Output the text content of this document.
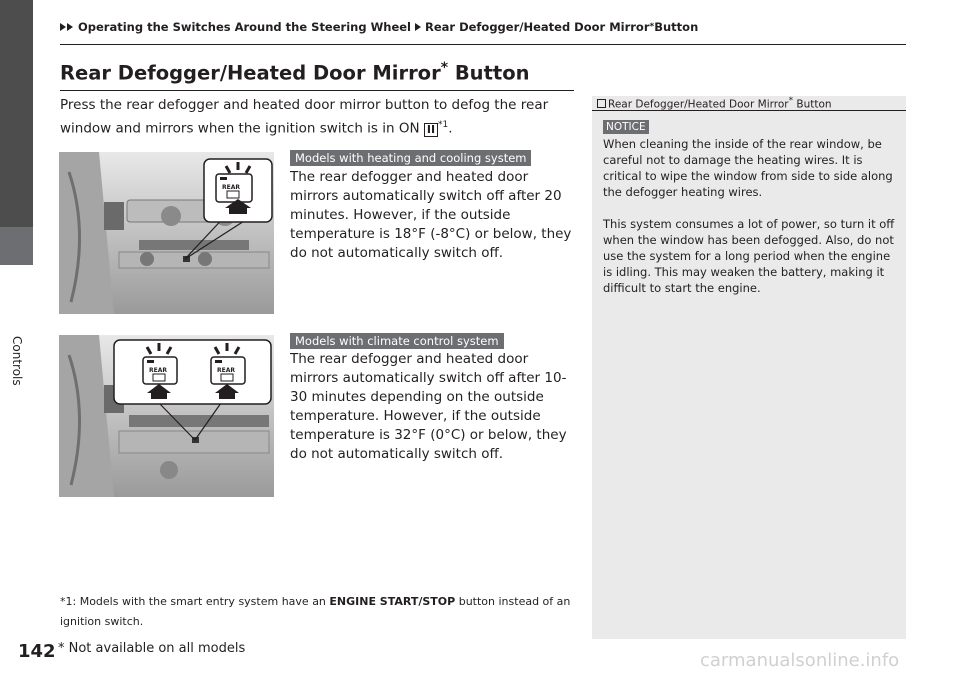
Controls
Operating the Switches Around the Steering Wheel Rear Defogger/Heated Door Mirror * Button
Rear Defogger/Heated Door Mirror* Button
Press the rear defogger and heated door mirror button to defog the rear window and mirrors when the ignition switch is in ON II $^{*1}$.
REAR
Models with heating and cooling system
The rear defogger and heated door mirrors automatically switch off after 20 minutes. However, if the outside temperature is 18°F (-8°C) or below, they do not automatically switch off.
REAR	REAR
Models with climate control system
The rear defogger and heated door mirrors automatically switch off after 10-30 minutes depending on the outside temperature. However, if the outside temperature is 32°F (0°C) or below, they do not automatically switch off.
*1: Models with the smart entry system have an ENGINE START/STOP button instead of an ignition switch.
142 * Not available on all models
Rear Defogger/Heated Door Mirror* Button
NOTICE
When cleaning the inside of the rear window, be careful not to damage the heating wires. It is critical to wipe the window from side to side along the defogger heating wires.
This system consumes a lot of power, so turn it off when the window has been defogged. Also, do not use the system for a long period when the engine is idling. This may weaken the battery, making it difficult to start the engine.
carmanualsonline.info
